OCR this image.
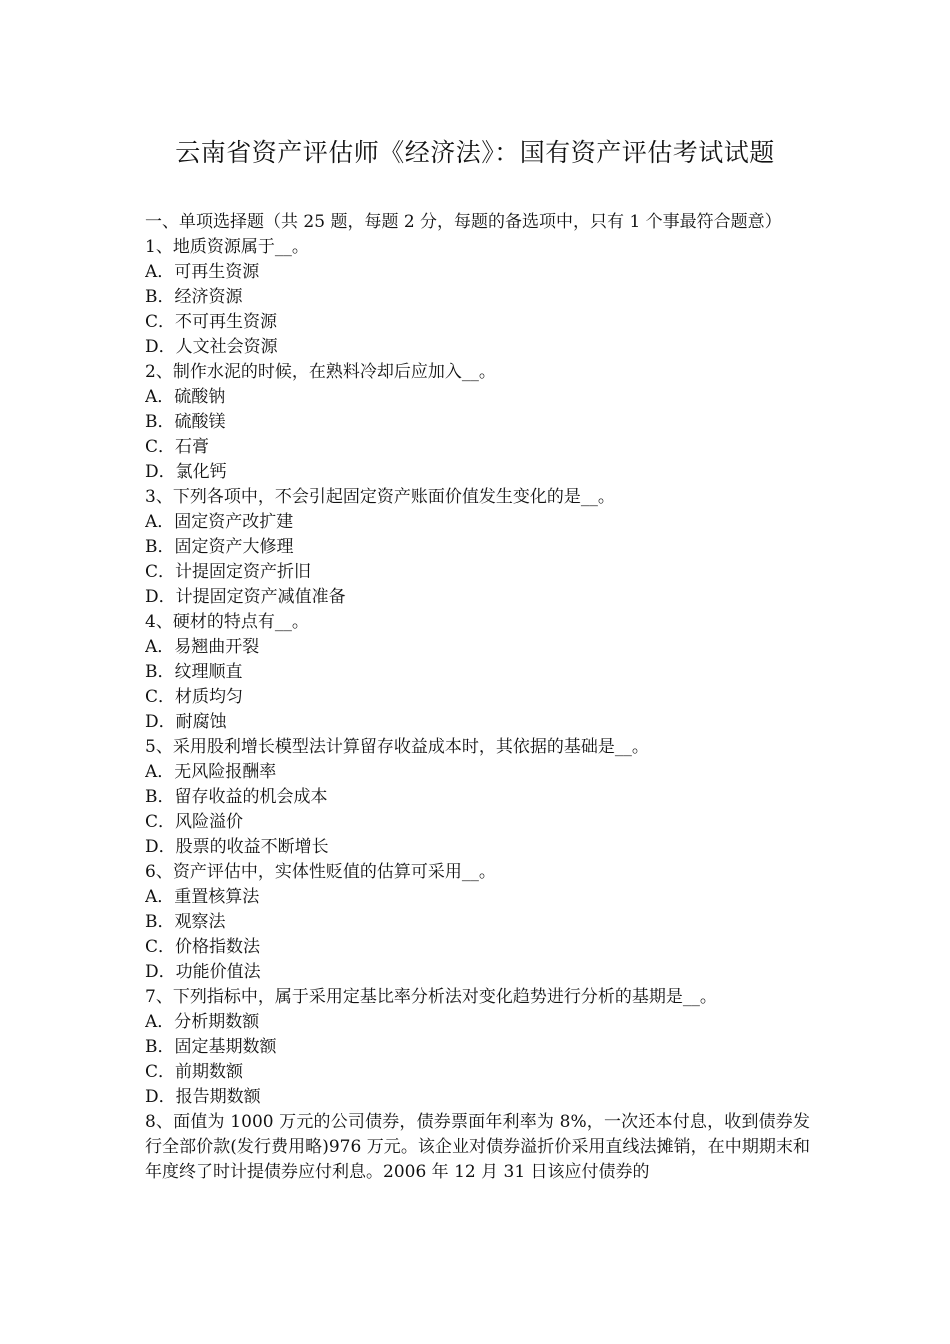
云南省资产评估师《经济法》：国有资产评估考试试题
一、单项选择题（共 25 题，每题 2 分，每题的备选项中，只有 1 个事最符合题意）
1、地质资源属于__。
A．可再生资源
B．经济资源
C．不可再生资源
D．人文社会资源
2、制作水泥的时候，在熟料冷却后应加入__。
A．硫酸钠
B．硫酸镁
C．石膏
D．氯化钙
3、下列各项中，不会引起固定资产账面价值发生变化的是__。
A．固定资产改扩建
B．固定资产大修理
C．计提固定资产折旧
D．计提固定资产减值准备
4、硬材的特点有__。
A．易翘曲开裂
B．纹理顺直
C．材质均匀
D．耐腐蚀
5、采用股利增长模型法计算留存收益成本时，其依据的基础是__。
A．无风险报酬率
B．留存收益的机会成本
C．风险溢价
D．股票的收益不断增长
6、资产评估中，实体性贬值的估算可采用__。
A．重置核算法
B．观察法
C．价格指数法
D．功能价值法
7、下列指标中，属于采用定基比率分析法对变化趋势进行分析的基期是__。
A．分析期数额
B．固定基期数额
C．前期数额
D．报告期数额
8、面值为 1000 万元的公司债券，债券票面年利率为 8%，一次还本付息，收到债券发行全部价款(发行费用略)976 万元。该企业对债券溢折价采用直线法摊销，在中期期末和年度终了时计提债券应付利息。2006 年 12 月 31 日该应付债券的
